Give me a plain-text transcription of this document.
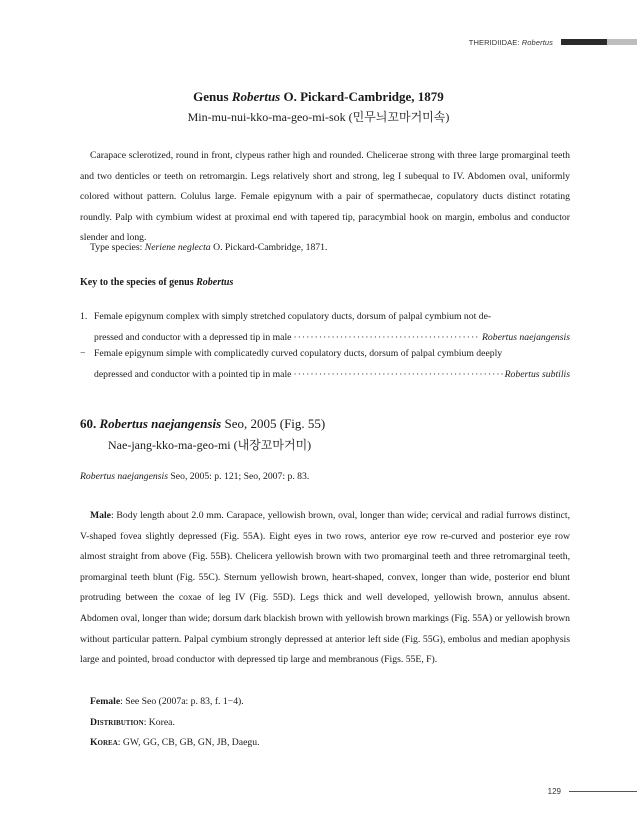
THERIDIIDAE: Robertus
Genus Robertus O. Pickard-Cambridge, 1879
Min-mu-nui-kko-ma-geo-mi-sok (민무늬꼬마거미속)

Carapace sclerotized, round in front, clypeus rather high and rounded. Chelicerae strong with three large promarginal teeth and two denticles or teeth on retromargin. Legs relatively short and strong, leg I subequal to IV. Abdomen oval, uniformly colored without pattern. Colulus large. Female epigynum with a pair of spermathecae, copulatory ducts distinct rotating roundly. Palp with cymbium widest at proximal end with tapered tip, paracymbial hook on margin, embolus and conductor slender and long.

Type species: Neriene neglecta O. Pickard-Cambridge, 1871.
Key to the species of genus Robertus
1. Female epigynum complex with simply stretched copulatory ducts, dorsum of palpal cymbium not de-
pressed and conductor with a depressed tip in male ·····	Robertus naejangensis
− Female epigynum simple with complicatedly curved copulatory ducts, dorsum of palpal cymbium deeply
depressed and conductor with a pointed tip in male ·····	Robertus subtilis
60. Robertus naejangensis Seo, 2005 (Fig. 55)
Nae-jang-kko-ma-geo-mi (내장꼬마거미)
Robertus naejangensis Seo, 2005: p. 121; Seo, 2007: p. 83.

Male: Body length about 2.0 mm. Carapace, yellowish brown, oval, longer than wide; cervical and radial furrows distinct, V-shaped fovea slightly depressed (Fig. 55A). Eight eyes in two rows, anterior eye row re-curved and posterior eye row almost straight from above (Fig. 55B). Chelicera yellowish brown with two promarginal teeth and three retromarginal teeth, promarginal teeth blunt (Fig. 55C). Sternum yellowish brown, heart-shaped, convex, longer than wide, posterior end blunt protruding between the coxae of leg IV (Fig. 55D). Legs thick and well developed, yellowish brown, annulus absent. Abdomen oval, longer than wide; dorsum dark blackish brown with yellowish brown markings (Fig. 55A) or yellowish brown without particular pattern. Palpal cymbium strongly depressed at anterior left side (Fig. 55G), embolus and median apophysis large and pointed, broad conductor with depressed tip large and membranous (Figs. 55E, F).

Female: See Seo (2007a: p. 83, f. 1−4).
Distribution: Korea.
Korea: GW, GG, CB, GB, GN, JB, Daegu.
129
